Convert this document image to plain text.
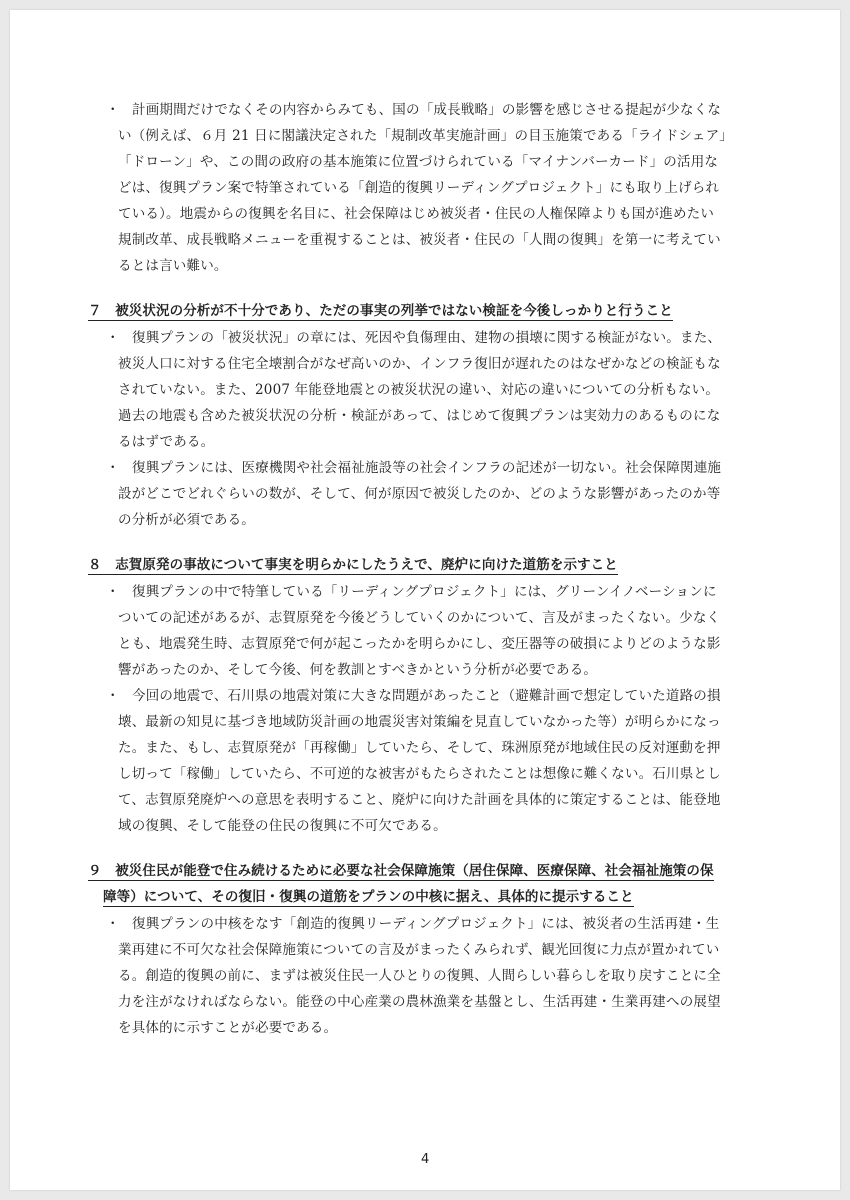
・ 計画期間だけでなくその内容からみても、国の「成長戦略」の影響を感じさせる提起が少なくな
い（例えば、６月 21 日に閣議決定された「規制改革実施計画」の目玉施策である「ライドシェア」
「ドローン」や、この間の政府の基本施策に位置づけられている「マイナンバーカード」の活用な
どは、復興プラン案で特筆されている「創造的復興リーディングプロジェクト」にも取り上げられ
ている）。地震からの復興を名目に、社会保障はじめ被災者・住民の人権保障よりも国が進めたい
規制改革、成長戦略メニューを重視することは、被災者・住民の「人間の復興」を第一に考えてい
るとは言い難い。
７　被災状況の分析が不十分であり、ただの事実の列挙ではない検証を今後しっかりと行うこと
・ 復興プランの「被災状況」の章には、死因や負傷理由、建物の損壊に関する検証がない。また、
被災人口に対する住宅全壊割合がなぜ高いのか、インフラ復旧が遅れたのはなぜかなどの検証もな
されていない。また、2007 年能登地震との被災状況の違い、対応の違いについての分析もない。
過去の地震も含めた被災状況の分析・検証があって、はじめて復興プランは実効力のあるものにな
るはずである。
・ 復興プランには、医療機関や社会福祉施設等の社会インフラの記述が一切ない。社会保障関連施
設がどこでどれぐらいの数が、そして、何が原因で被災したのか、どのような影響があったのか等
の分析が必須である。
８　志賀原発の事故について事実を明らかにしたうえで、廃炉に向けた道筋を示すこと
・ 復興プランの中で特筆している「リーディングプロジェクト」には、グリーンイノベーションに
ついての記述があるが、志賀原発を今後どうしていくのかについて、言及がまったくない。少なく
とも、地震発生時、志賀原発で何が起こったかを明らかにし、変圧器等の破損によりどのような影
響があったのか、そして今後、何を教訓とすべきかという分析が必要である。
・ 今回の地震で、石川県の地震対策に大きな問題があったこと（避難計画で想定していた道路の損
壊、最新の知見に基づき地域防災計画の地震災害対策編を見直していなかった等）が明らかになっ
た。また、もし、志賀原発が「再稼働」していたら、そして、珠洲原発が地域住民の反対運動を押
し切って「稼働」していたら、不可逆的な被害がもたらされたことは想像に難くない。石川県とし
て、志賀原発廃炉への意思を表明すること、廃炉に向けた計画を具体的に策定することは、能登地
域の復興、そして能登の住民の復興に不可欠である。
９　被災住民が能登で住み続けるために必要な社会保障施策（居住保障、医療保障、社会福祉施策の保
障等）について、その復旧・復興の道筋をプランの中核に据え、具体的に提示すること
・ 復興プランの中核をなす「創造的復興リーディングプロジェクト」には、被災者の生活再建・生
業再建に不可欠な社会保障施策についての言及がまったくみられず、観光回復に力点が置かれてい
る。創造的復興の前に、まずは被災住民一人ひとりの復興、人間らしい暮らしを取り戻すことに全
力を注がなければならない。能登の中心産業の農林漁業を基盤とし、生活再建・生業再建への展望
を具体的に示すことが必要である。
4
